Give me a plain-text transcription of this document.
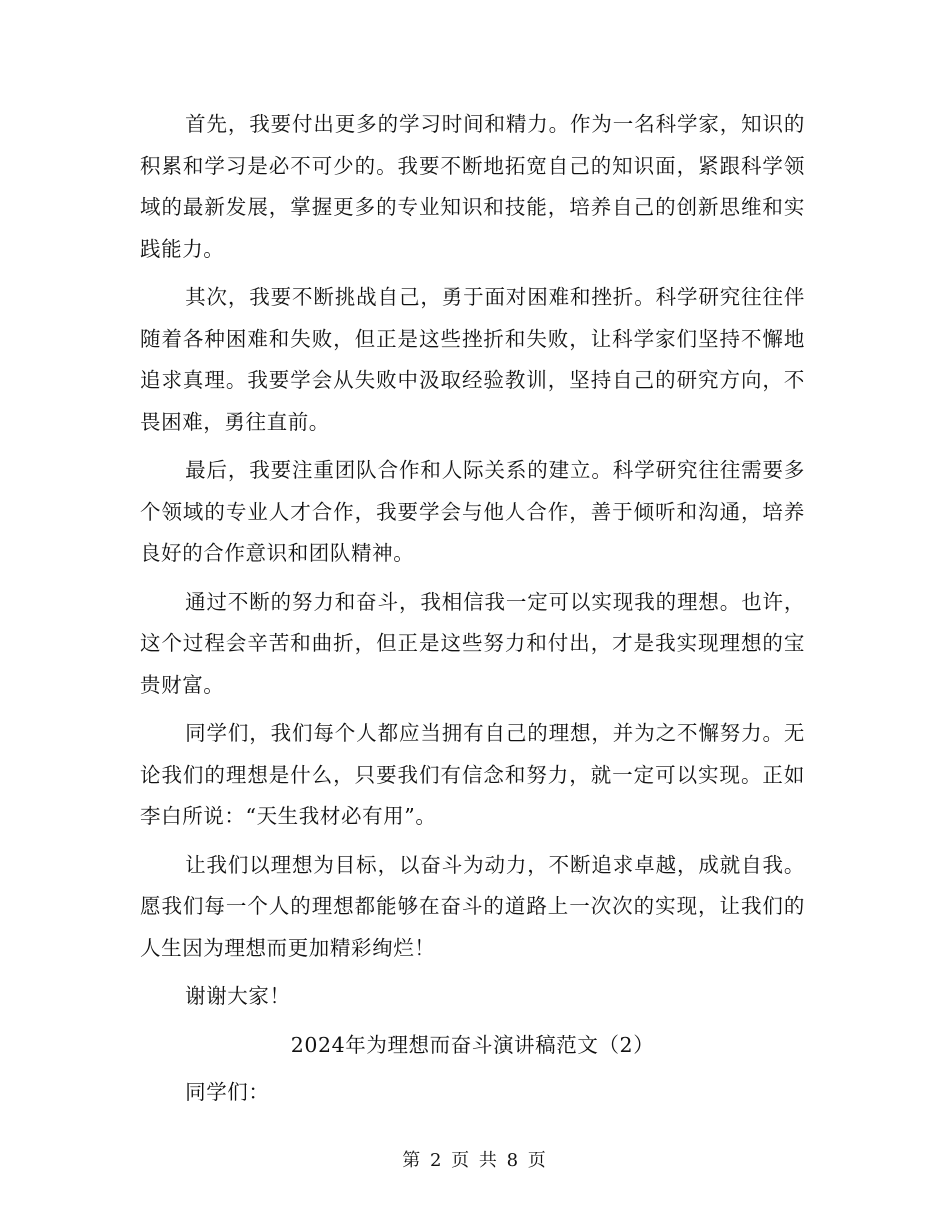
首先，我要付出更多的学习时间和精力。作为一名科学家，知识的积累和学习是必不可少的。我要不断地拓宽自己的知识面，紧跟科学领域的最新发展，掌握更多的专业知识和技能，培养自己的创新思维和实践能力。

其次，我要不断挑战自己，勇于面对困难和挫折。科学研究往往伴随着各种困难和失败，但正是这些挫折和失败，让科学家们坚持不懈地追求真理。我要学会从失败中汲取经验教训，坚持自己的研究方向，不畏困难，勇往直前。

最后，我要注重团队合作和人际关系的建立。科学研究往往需要多个领域的专业人才合作，我要学会与他人合作，善于倾听和沟通，培养良好的合作意识和团队精神。

通过不断的努力和奋斗，我相信我一定可以实现我的理想。也许，这个过程会辛苦和曲折，但正是这些努力和付出，才是我实现理想的宝贵财富。

同学们，我们每个人都应当拥有自己的理想，并为之不懈努力。无论我们的理想是什么，只要我们有信念和努力，就一定可以实现。正如李白所说：“天生我材必有用”。

让我们以理想为目标，以奋斗为动力，不断追求卓越，成就自我。愿我们每一个人的理想都能够在奋斗的道路上一次次的实现，让我们的人生因为理想而更加精彩绚烂！

谢谢大家！

2024年为理想而奋斗演讲稿范文（2）

同学们：

第 2 页 共 8 页
